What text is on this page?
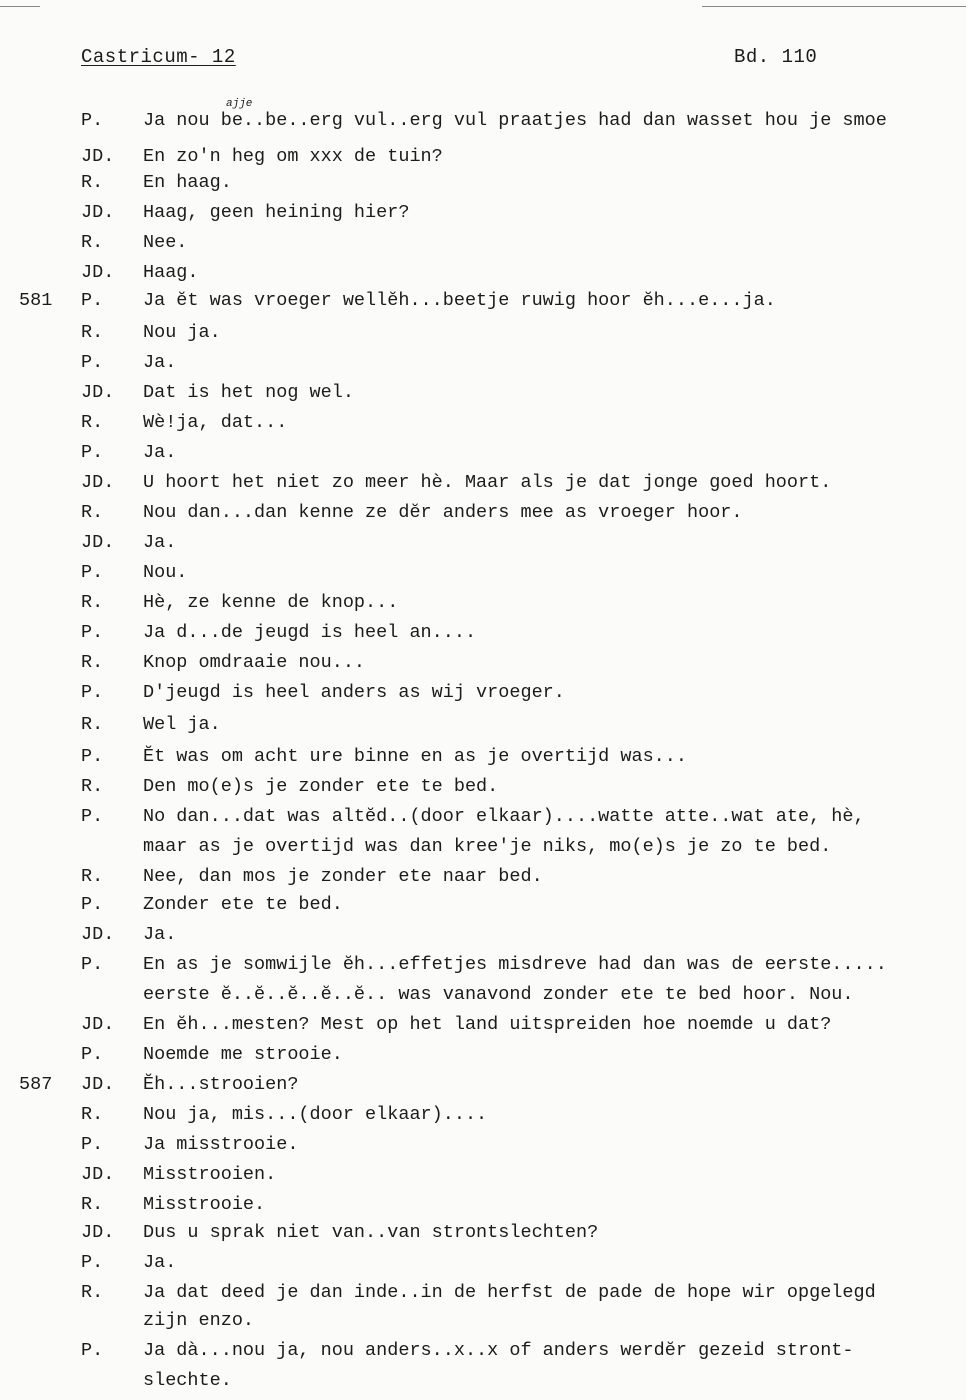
Castricum- 12	Bd. 110
ajje
P. Ja nou be..be..erg vul..erg vul praatjes had dan wasset hou je smoe
JD. En zo'n heg om xxx de tuin?
R. En haag.
JD. Haag, geen heining hier?
R. Nee.
JD. Haag.
581 P. Ja ĕt was vroeger wellĕh...beetje ruwig hoor ĕh...e...ja.
R. Nou ja.
P. Ja.
JD. Dat is het nog wel.
R. Wè!ja, dat...
P. Ja.
JD. U hoort het niet zo meer hè. Maar als je dat jonge goed hoort.
R. Nou dan...dan kenne ze dĕr anders mee as vroeger hoor.
JD. Ja.
P. Nou.
R. Hè, ze kenne de knop...
P. Ja d...de jeugd is heel an....
R. Knop omdraaie nou...
P. D'jeugd is heel anders as wij vroeger.
R. Wel ja.
P. Ĕt was om acht ure binne en as je overtijd was...
R. Den mo(e)s je zonder ete te bed.
P. No dan...dat was altĕd..(door elkaar)....watte atte..wat ate, hè,
maar as je overtijd was dan kree'je niks, mo(e)s je zo te bed.
R. Nee, dan mos je zonder ete naar bed.
P. Zonder ete te bed.
JD. Ja.
P. En as je somwijle ĕh...effetjes misdreve had dan was de eerste.....
eerste ĕ..ĕ..ĕ..ĕ..ĕ.. was vanavond zonder ete te bed hoor. Nou.
JD. En ĕh...mesten? Mest op het land uitspreiden hoe noemde u dat?
P. Noemde me strooie.
587 JD. Ĕh...strooien?
R. Nou ja, mis...(door elkaar)....
P. Ja misstrooie.
JD. Misstrooien.
R. Misstrooie.
JD. Dus u sprak niet van..van strontslechten?
P. Ja.
R. Ja dat deed je dan inde..in de herfst de pade de hope wir opgelegd
zijn enzo.
P. Ja dà...nou ja, nou anders..x..x of anders werdĕr gezeid stront-
slechte.
